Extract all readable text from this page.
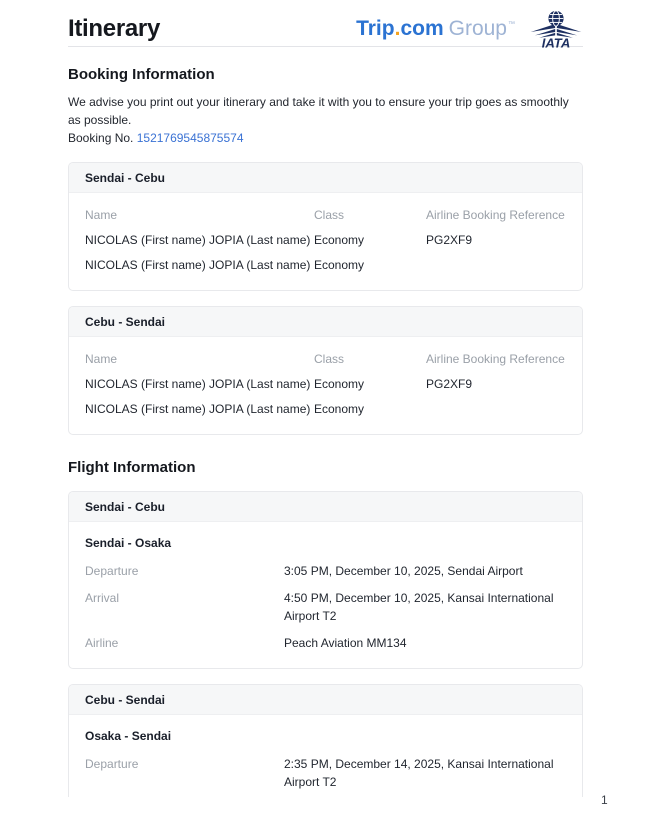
Itinerary	Trip . com Group ™
IATA
Booking Information
We advise you print out your itinerary and take it with you to ensure your trip goes as smoothly as possible.
Booking No. 1521769545875574
Sendai - Cebu
Name	Class	Airline Booking Reference
NICOLAS (First name) JOPIA (Last name) Economy	PG2XF9
NICOLAS (First name) JOPIA (Last name) Economy
Cebu - Sendai
Name	Class	Airline Booking Reference
NICOLAS (First name) JOPIA (Last name) Economy	PG2XF9
NICOLAS (First name) JOPIA (Last name) Economy
Flight Information
Sendai - Cebu
Sendai - Osaka
Departure	3:05 PM, December 10, 2025, Sendai Airport
Arrival	4:50 PM, December 10, 2025, Kansai International Airport T2
Airline	Peach Aviation MM134
Cebu - Sendai
Osaka - Sendai
Departure	2:35 PM, December 14, 2025, Kansai International Airport T2
1
